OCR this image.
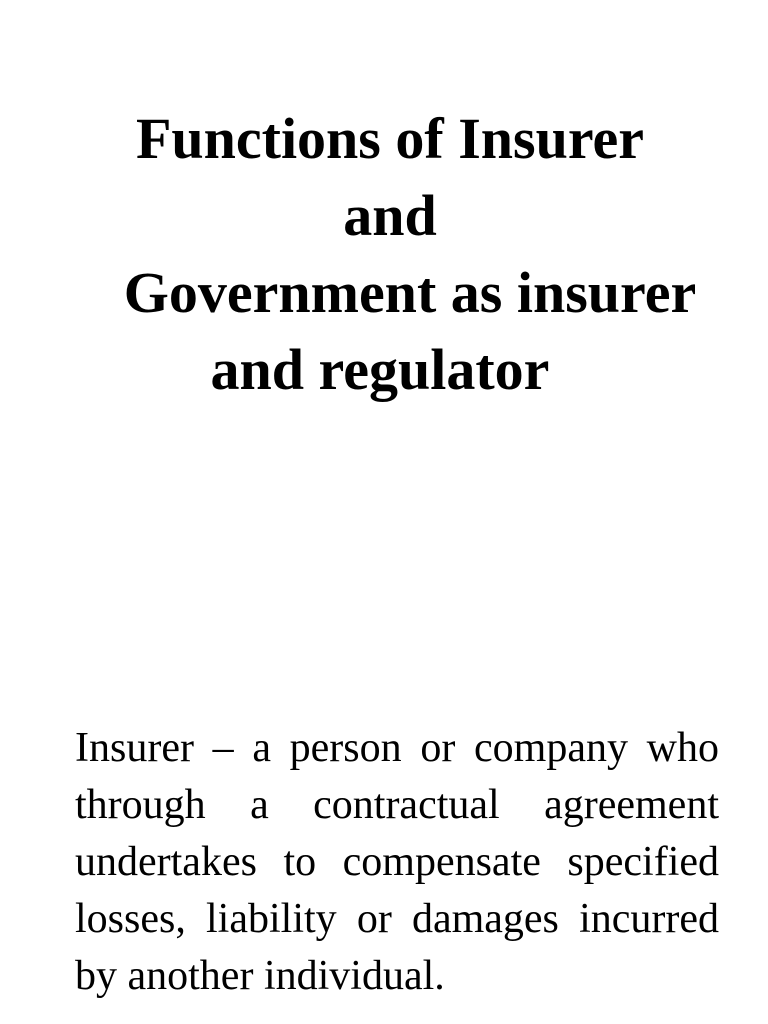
Functions of Insurer
and
Government as insurer
and regulator

Insurer – a person or company who through a contractual agreement undertakes to compensate specified losses, liability or damages incurred by another individual.
